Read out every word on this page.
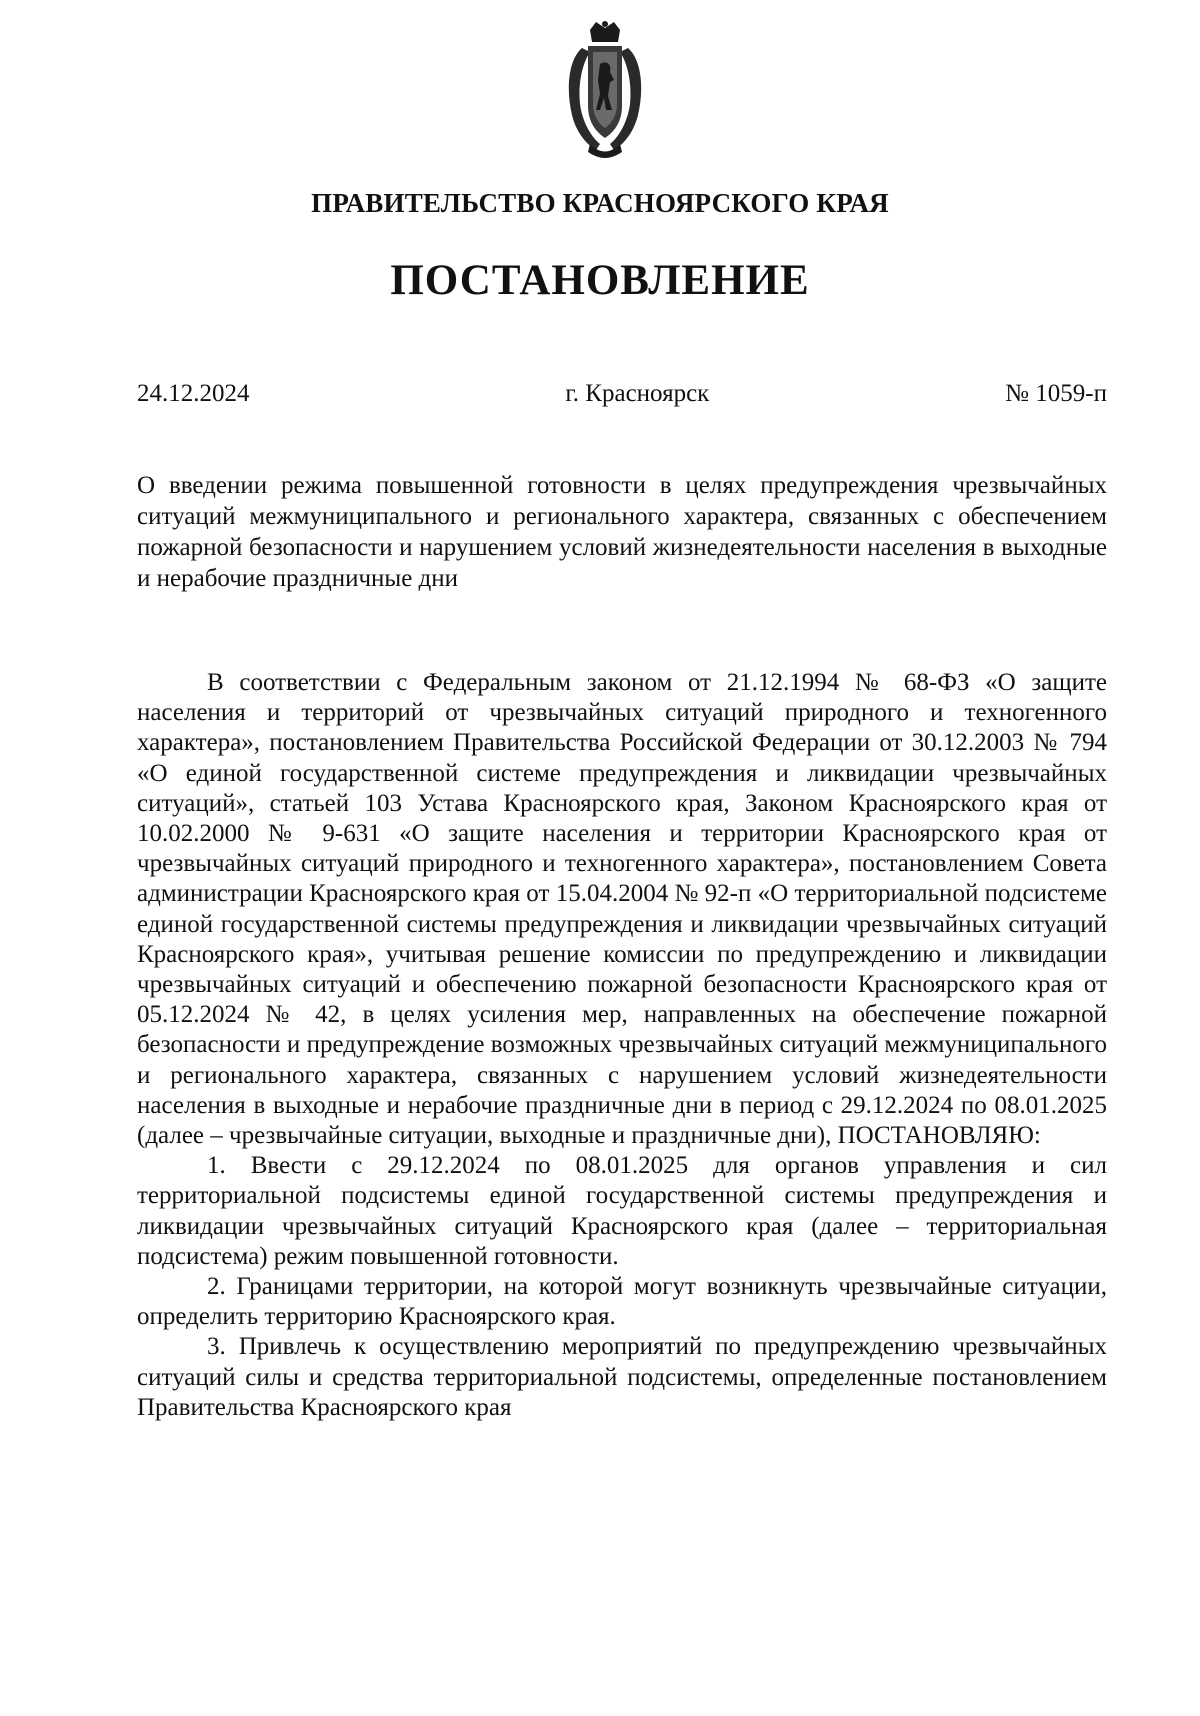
ПРАВИТЕЛЬСТВО КРАСНОЯРСКОГО КРАЯ
ПОСТАНОВЛЕНИЕ
24.12.2024	г. Красноярск	№ 1059-п
О введении режима повышенной готовности в целях предупреждения чрезвычайных ситуаций межмуниципального и регионального характера, связанных с обеспечением пожарной безопасности и нарушением условий жизнедеятельности населения в выходные и нерабочие праздничные дни

В соответствии с Федеральным законом от 21.12.1994 № 68-ФЗ «О защите населения и территорий от чрезвычайных ситуаций природного и техногенного характера», постановлением Правительства Российской Федерации от 30.12.2003 № 794 «О единой государственной системе предупреждения и ликвидации чрезвычайных ситуаций», статьей 103 Устава Красноярского края, Законом Красноярского края от 10.02.2000 № 9-631 «О защите населения и территории Красноярского края от чрезвычайных ситуаций природного и техногенного характера», постановлением Совета администрации Красноярского края от 15.04.2004 № 92-п «О территориальной подсистеме единой государственной системы предупреждения и ликвидации чрезвычайных ситуаций Красноярского края», учитывая решение комиссии по предупреждению и ликвидации чрезвычайных ситуаций и обеспечению пожарной безопасности Красноярского края от 05.12.2024 № 42, в целях усиления мер, направленных на обеспечение пожарной безопасности и предупреждение возможных чрезвычайных ситуаций межмуниципального и регионального характера, связанных с нарушением условий жизнедеятельности населения в выходные и нерабочие праздничные дни в период с 29.12.2024 по 08.01.2025 (далее – чрезвычайные ситуации, выходные и праздничные дни), ПОСТАНОВЛЯЮ:

1. Ввести с 29.12.2024 по 08.01.2025 для органов управления и сил территориальной подсистемы единой государственной системы предупреждения и ликвидации чрезвычайных ситуаций Красноярского края (далее – территориальная подсистема) режим повышенной готовности.

2. Границами территории, на которой могут возникнуть чрезвычайные ситуации, определить территорию Красноярского края.

3. Привлечь к осуществлению мероприятий по предупреждению чрезвычайных ситуаций силы и средства территориальной подсистемы, определенные постановлением Правительства Красноярского края
